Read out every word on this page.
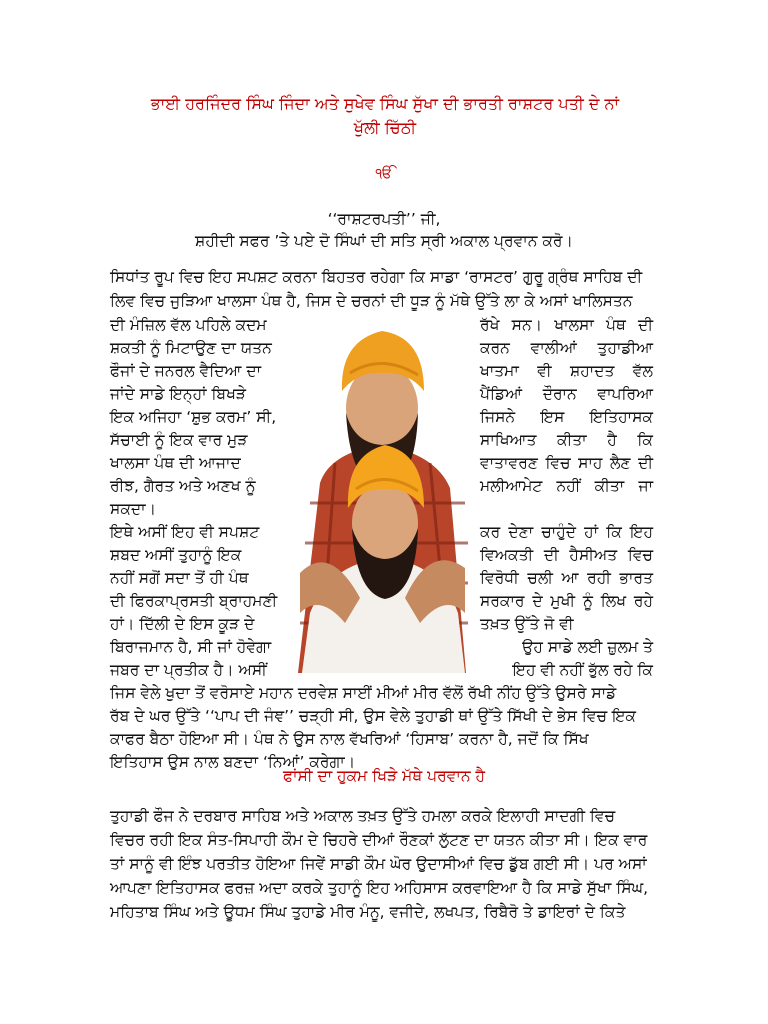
ਭਾਈ ਹਰਜਿੰਦਰ ਸਿੰਘ ਜਿੰਦਾ ਅਤੇ ਸੁਖੇਵ ਸਿੰਘ ਸੁੱਖਾ ਦੀ ਭਾਰਤੀ ਰਾਸ਼ਟਰ ਪਤੀ ਦੇ ਨਾਂ
ਖੁੱਲੀ ਚਿੱਠੀ
ੴ
‘‘ਰਾਸ਼ਟਰਪਤੀ’’ ਜੀ,
ਸ਼ਹੀਦੀ ਸਫਰ ’ਤੇ ਪਏ ਦੋ ਸਿੰਘਾਂ ਦੀ ਸਤਿ ਸ੍ਰੀ ਅਕਾਲ ਪ੍ਰਵਾਨ ਕਰੋ।
ਸਿਧਾਂਤ ਰੂਪ ਵਿਚ ਇਹ ਸਪਸ਼ਟ ਕਰਨਾ ਬਿਹਤਰ ਰਹੇਗਾ ਕਿ ਸਾਡਾ ‘ਰਾਸਟਰ’ ਗੁਰੂ ਗ੍ਰੰਥ ਸਾਹਿਬ ਦੀ
ਲਿਵ ਵਿਚ ਜੁੜਿਆ ਖਾਲਸਾ ਪੰਥ ਹੈ, ਜਿਸ ਦੇ ਚਰਨਾਂ ਦੀ ਧੂੜ ਨੂੰ ਮੱਥੇ ਉੱਤੇ ਲਾ ਕੇ ਅਸਾਂ ਖਾਲਿਸਤਨ
ਦੀ ਮੰਜ਼ਿਲ ਵੱਲ ਪਹਿਲੇ ਕਦਮ
ਸ਼ਕਤੀ ਨੂੰ ਮਿਟਾਉਣ ਦਾ ਯਤਨ
ਫੌਜਾਂ ਦੇ ਜਨਰਲ ਵੈਦਿਆ ਦਾ
ਜਾਂਦੇ ਸਾਡੇ ਇਨ੍ਹਾਂ ਬਿਖੜੇ
ਇਕ ਅਜਿਹਾ ‘ਸ਼ੁਭ ਕਰਮ’ ਸੀ,
ਸੱਚਾਈ ਨੂੰ ਇਕ ਵਾਰ ਮੁੜ
ਖਾਲਸਾ ਪੰਥ ਦੀ ਆਜਾਦ
ਰੀਝ, ਗੈਰਤ ਅਤੇ ਅਣਖ ਨੂੰ
ਸਕਦਾ।
ਇਥੇ ਅਸੀਂ ਇਹ ਵੀ ਸਪਸ਼ਟ
ਸ਼ਬਦ ਅਸੀਂ ਤੁਹਾਨੂੰ ਇਕ
ਨਹੀਂ ਸਗੋਂ ਸਦਾ ਤੋਂ ਹੀ ਪੰਥ
ਦੀ ਫਿਰਕਾਪ੍ਰਸਤੀ ਬ੍ਰਾਹਮਣੀ
ਹਾਂ। ਦਿੱਲੀ ਦੇ ਇਸ ਕੂੜ ਦੇ
ਬਿਰਾਜਮਾਨ ਹੈ, ਸੀ ਜਾਂ ਹੋਵੇਗਾ
ਜਬਰ ਦਾ ਪ੍ਰਤੀਕ ਹੈ। ਅਸੀਂ
ਰੱਖੇ ਸਨ। ਖਾਲਸਾ ਪੰਥ ਦੀ
ਕਰਨ ਵਾਲੀਆਂ ਤੁਹਾਡੀਆ
ਖਾਤਮਾ ਵੀ ਸ਼ਹਾਦਤ ਵੱਲ
ਪੈਂਡਿਆਂ ਦੌਰਾਨ ਵਾਪਰਿਆ
ਜਿਸਨੇ ਇਸ ਇਤਿਹਾਸਕ
ਸਾਖਿਆਤ ਕੀਤਾ ਹੈ ਕਿ
ਵਾਤਾਵਰਣ ਵਿਚ ਸਾਹ ਲੈਣ ਦੀ
ਮਲੀਆਮੇਟ ਨਹੀਂ ਕੀਤਾ ਜਾ
ਕਰ ਦੇਣਾ ਚਾਹੁੰਦੇ ਹਾਂ ਕਿ ਇਹ
ਵਿਅਕਤੀ ਦੀ ਹੈਸੀਅਤ ਵਿਚ
ਵਿਰੋਧੀ ਚਲੀ ਆ ਰਹੀ ਭਾਰਤ
ਸਰਕਾਰ ਦੇ ਮੁਖੀ ਨੂੰ ਲਿਖ ਰਹੇ
ਤਖ਼ਤ ਉੱਤੇ ਜੋ ਵੀ
ਉਹ ਸਾਡੇ ਲਈ ਜ਼ੁਲਮ ਤੇ
ਇਹ ਵੀ ਨਹੀਂ ਭੁੱਲ ਰਹੇ ਕਿ
ਜਿਸ ਵੇਲੇ ਖੁਦਾ ਤੋਂ ਵਰੋਸਾਏ ਮਹਾਨ ਦਰਵੇਸ਼ ਸਾਈਂ ਮੀਆਂ ਮੀਰ ਵੱਲੋਂ ਰੱਖੀ ਨੀਂਹ ਉੱਤੇ ਉਸਰੇ ਸਾਡੇ
ਰੱਬ ਦੇ ਘਰ ਉੱਤੇ ‘‘ਪਾਪ ਦੀ ਜੰਞ’’ ਚੜ੍ਹੀ ਸੀ, ਉਸ ਵੇਲੇ ਤੁਹਾਡੀ ਥਾਂ ਉੱਤੇ ਸਿੱਖੀ ਦੇ ਭੇਸ ਵਿਚ ਇਕ
ਕਾਫਰ ਬੈਠਾ ਹੋਇਆ ਸੀ। ਪੰਥ ਨੇ ਉਸ ਨਾਲ ਵੱਖਰਿਆਂ ‘ਹਿਸਾਬ’ ਕਰਨਾ ਹੈ, ਜਦੋਂ ਕਿ ਸਿੱਖ
ਇਤਿਹਾਸ ਉਸ ਨਾਲ ਬਣਦਾ ‘ਨਿਆਂ’ ਕਰੇਗਾ।
ਫਾਂਸੀ ਦਾ ਹੁਕਮ ਖਿੜੇ ਮੱਥੇ ਪਰਵਾਨ ਹੈ
ਤੁਹਾਡੀ ਫੌਜ ਨੇ ਦਰਬਾਰ ਸਾਹਿਬ ਅਤੇ ਅਕਾਲ ਤਖ਼ਤ ਉੱਤੇ ਹਮਲਾ ਕਰਕੇ ਇਲਾਹੀ ਸਾਦਗੀ ਵਿਚ
ਵਿਚਰ ਰਹੀ ਇਕ ਸੰਤ-ਸਿਪਾਹੀ ਕੌਮ ਦੇ ਚਿਹਰੇ ਦੀਆਂ ਰੌਣਕਾਂ ਲੁੱਟਣ ਦਾ ਯਤਨ ਕੀਤਾ ਸੀ। ਇਕ ਵਾਰ
ਤਾਂ ਸਾਨੂੰ ਵੀ ਇੰਝ ਪਰਤੀਤ ਹੋਇਆ ਜਿਵੇਂ ਸਾਡੀ ਕੌਮ ਘੋਰ ਉਦਾਸੀਆਂ ਵਿਚ ਡੁੱਬ ਗਈ ਸੀ। ਪਰ ਅਸਾਂ
ਆਪਣਾ ਇਤਿਹਾਸਕ ਫਰਜ਼ ਅਦਾ ਕਰਕੇ ਤੁਹਾਨੂੰ ਇਹ ਅਹਿਸਾਸ ਕਰਵਾਇਆ ਹੈ ਕਿ ਸਾਡੇ ਸੁੱਖਾ ਸਿੰਘ,
ਮਹਿਤਾਬ ਸਿੰਘ ਅਤੇ ਊਧਮ ਸਿੰਘ ਤੁਹਾਡੇ ਮੀਰ ਮੰਨੂ, ਵਜੀਦੇ, ਲਖਪਤ, ਰਿਬੈਰੋ ਤੇ ਡਾਇਰਾਂ ਦੇ ਕਿਤੇ
